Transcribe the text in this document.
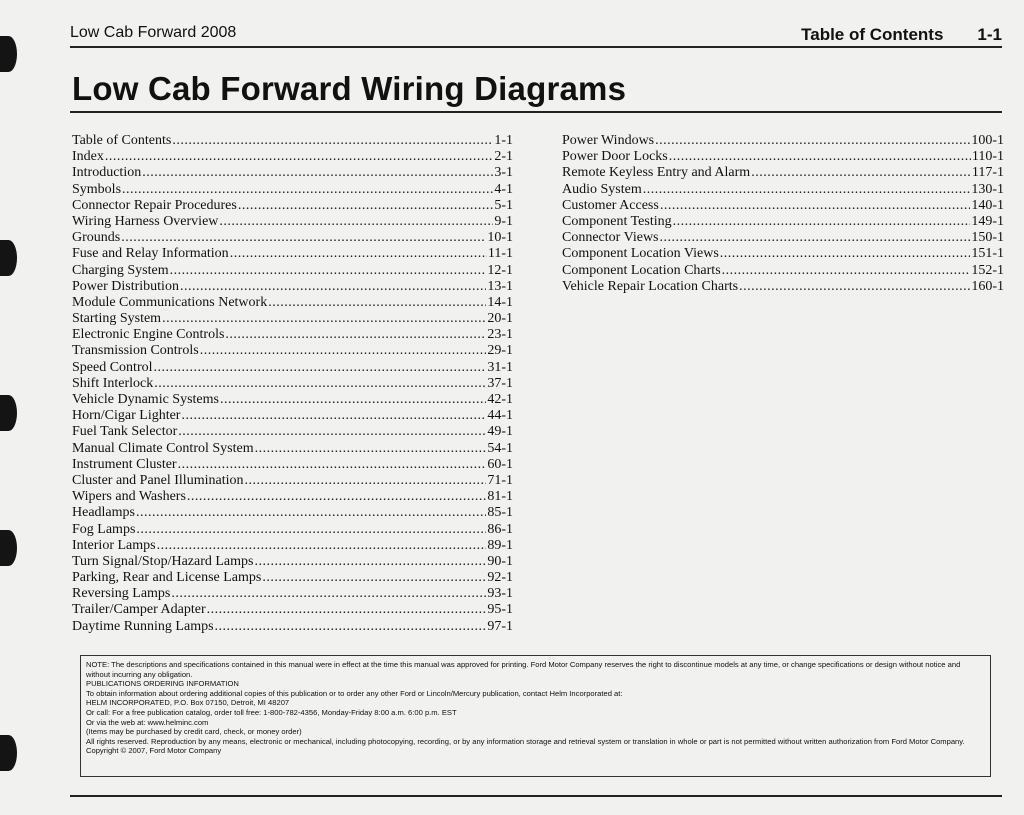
Low Cab Forward 2008	Table of Contents 1-1
Low Cab Forward Wiring Diagrams
Table of Contents .....	1-1
Index .....	2-1
Introduction .....	3-1
Symbols .....	4-1
Connector Repair Procedures .....	5-1
Wiring Harness Overview .....	9-1
Grounds .....	10-1
Fuse and Relay Information .....	11-1
Charging System .....	12-1
Power Distribution .....	13-1
Module Communications Network .....	14-1
Starting System .....	20-1
Electronic Engine Controls .....	23-1
Transmission Controls .....	29-1
Speed Control .....	31-1
Shift Interlock .....	37-1
Vehicle Dynamic Systems .....	42-1
Horn/Cigar Lighter .....	44-1
Fuel Tank Selector .....	49-1
Manual Climate Control System .....	54-1
Instrument Cluster .....	60-1
Cluster and Panel Illumination .....	71-1
Wipers and Washers .....	81-1
Headlamps .....	85-1
Fog Lamps .....	86-1
Interior Lamps .....	89-1
Turn Signal/Stop/Hazard Lamps .....	90-1
Parking, Rear and License Lamps .....	92-1
Reversing Lamps .....	93-1
Trailer/Camper Adapter .....	95-1
Daytime Running Lamps .....	97-1
Power Windows .....	100-1
Power Door Locks .....	110-1
Remote Keyless Entry and Alarm .....	117-1
Audio System .....	130-1
Customer Access .....	140-1
Component Testing .....	149-1
Connector Views .....	150-1
Component Location Views .....	151-1
Component Location Charts .....	152-1
Vehicle Repair Location Charts .....	160-1

NOTE: The descriptions and specifications contained in this manual were in effect at the time this manual was approved for printing. Ford Motor Company reserves the right to discontinue models at any time, or change specifications or design without notice and without incurring any obligation.

PUBLICATIONS ORDERING INFORMATION

To obtain information about ordering additional copies of this publication or to order any other Ford or Lincoln/Mercury publication, contact Helm Incorporated at:

HELM INCORPORATED, P.O. Box 07150, Detroit, MI 48207

Or call: For a free publication catalog, order toll free: 1-800-782-4356, Monday-Friday 8:00 a.m. 6:00 p.m. EST

Or via the web at: www.helminc.com

(Items may be purchased by credit card, check, or money order)

All rights reserved. Reproduction by any means, electronic or mechanical, including photocopying, recording, or by any information storage and retrieval system or translation in whole or part is not permitted without written authorization from Ford Motor Company.

Copyright © 2007, Ford Motor Company
